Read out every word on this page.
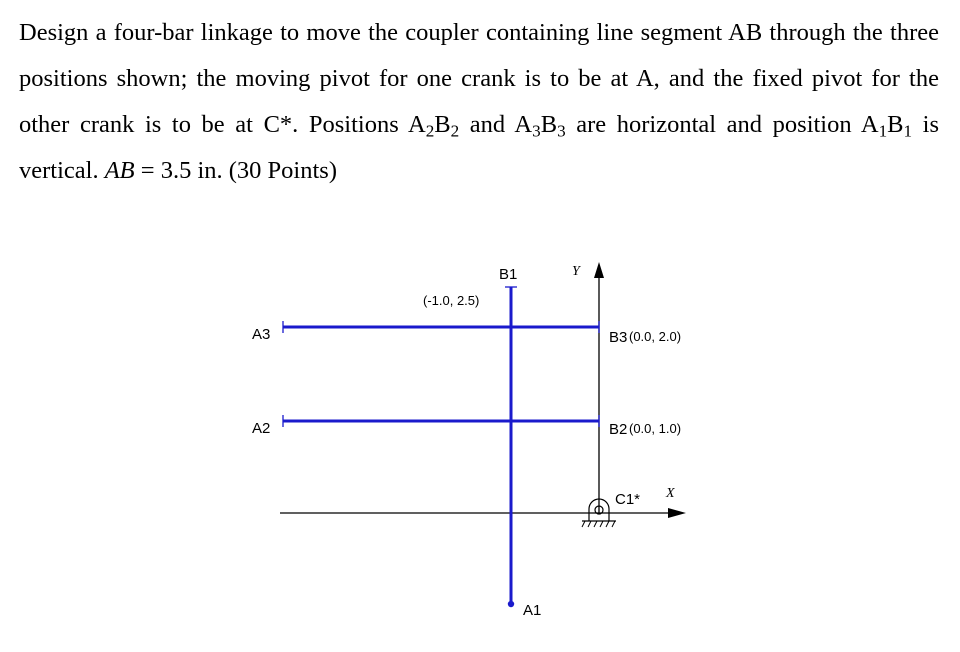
Design a four-bar linkage to move the coupler containing line segment AB through the three positions shown; the moving pivot for one crank is to be at A, and the fixed pivot for the other crank is to be at C*. Positions $A_2B_2$ and $A_3B_3$ are horizontal and position $A_1B_1$ is vertical. AB = 3.5 in. (30 Points)
A3
A2
B1
(-1.0, 2.5)
B3 (0.0, 2.0)
B2 (0.0, 1.0)
A1
C1*
Y
X
